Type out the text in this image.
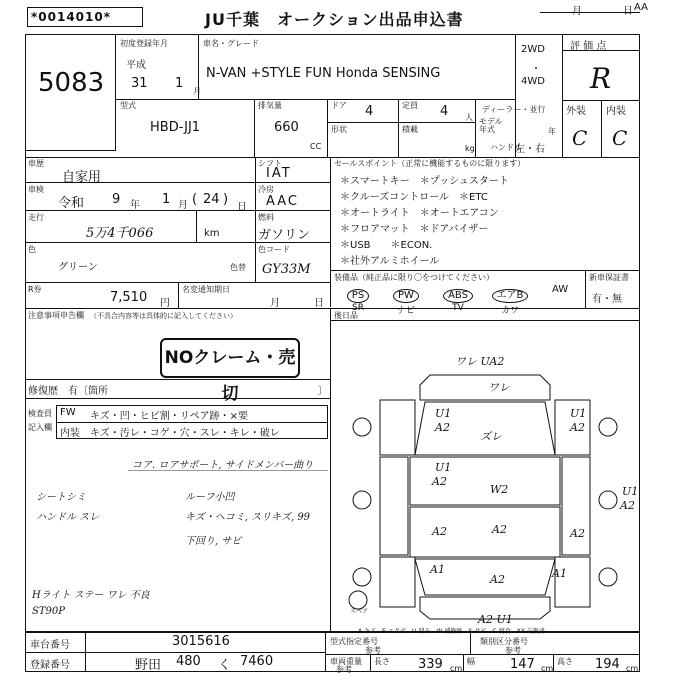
*0014010*	JU千葉　オークション出品申込書	月	日 AA
5083
初度登録年月
平成
31 1
月
型式
HBD-JJ1
車名・グレード
N-VAN +STYLE FUN Honda SENSING
2WD
・
4WD
評 価 点
R
外装 内装
C C
排気量
660
CC
ドア 4	定員 4 人
形状	積載
kg
ディーラー・並行
モデル年式	年
ハンドル
左・右
車歴
自家用
車検
令和 9 年 1 月 ( 24 )
日
走行
5万4千066	km
色
グリーン	色替
R券
7,510 円
名変通知期日
月	日
シフト
IAT
冷房
AAC
燃料
ガソリン
色コード
GY33M
セールスポイント（正常に機能するものに限ります）
＊スマートキー　＊プッシュスタート
＊クルーズコントロール　＊ETC
＊オートライト　＊オートエアコン
＊フロアマット　＊ドアバイザー
＊USB　　＊ECON.
＊社外アルミホイール
装備品（純正品に限り〇をつけてください）	新車保証書
有・無
PS
SR
PW
ナビ
ABS
TV
エアB
カワ
AW
注意事項申告欄 （不具合内容等は具体的に記入してください）	後日品
NOクレーム・売切
修復歴　有〔箇所	〕
検査員
記入欄
FW キズ・凹・ヒビ割・リペア跡・×要
内装 キズ・汚レ・コゲ・穴・スレ・キレ・破レ
コア. ロアサポート, サイドメンバー曲り
シートシミ	ルーフ小凹
ハンドル スレ	キズ・ヘコミ, スリキズ, 99
下回り, サビ
Hライト ステー ワレ 不良
ST90P
ワレ UA2
ワレ
ズレ
U1
A2
U1
A2
U1
A2
W2
A2	A2	A2
U1
A2
A1
A2	A1
A2 U1
スペア
A-キズ　E-エクボ　U-凹み　W-補修跡　S-サビ　C-腐食　XX-交換済
車台番号	3015616
登録番号	野田 480 く 7460
型式指定番号
参考
類別区分番号
参考
車両重量
参考
長さ 339 cm
幅	147 cm
高さ 194 cm
